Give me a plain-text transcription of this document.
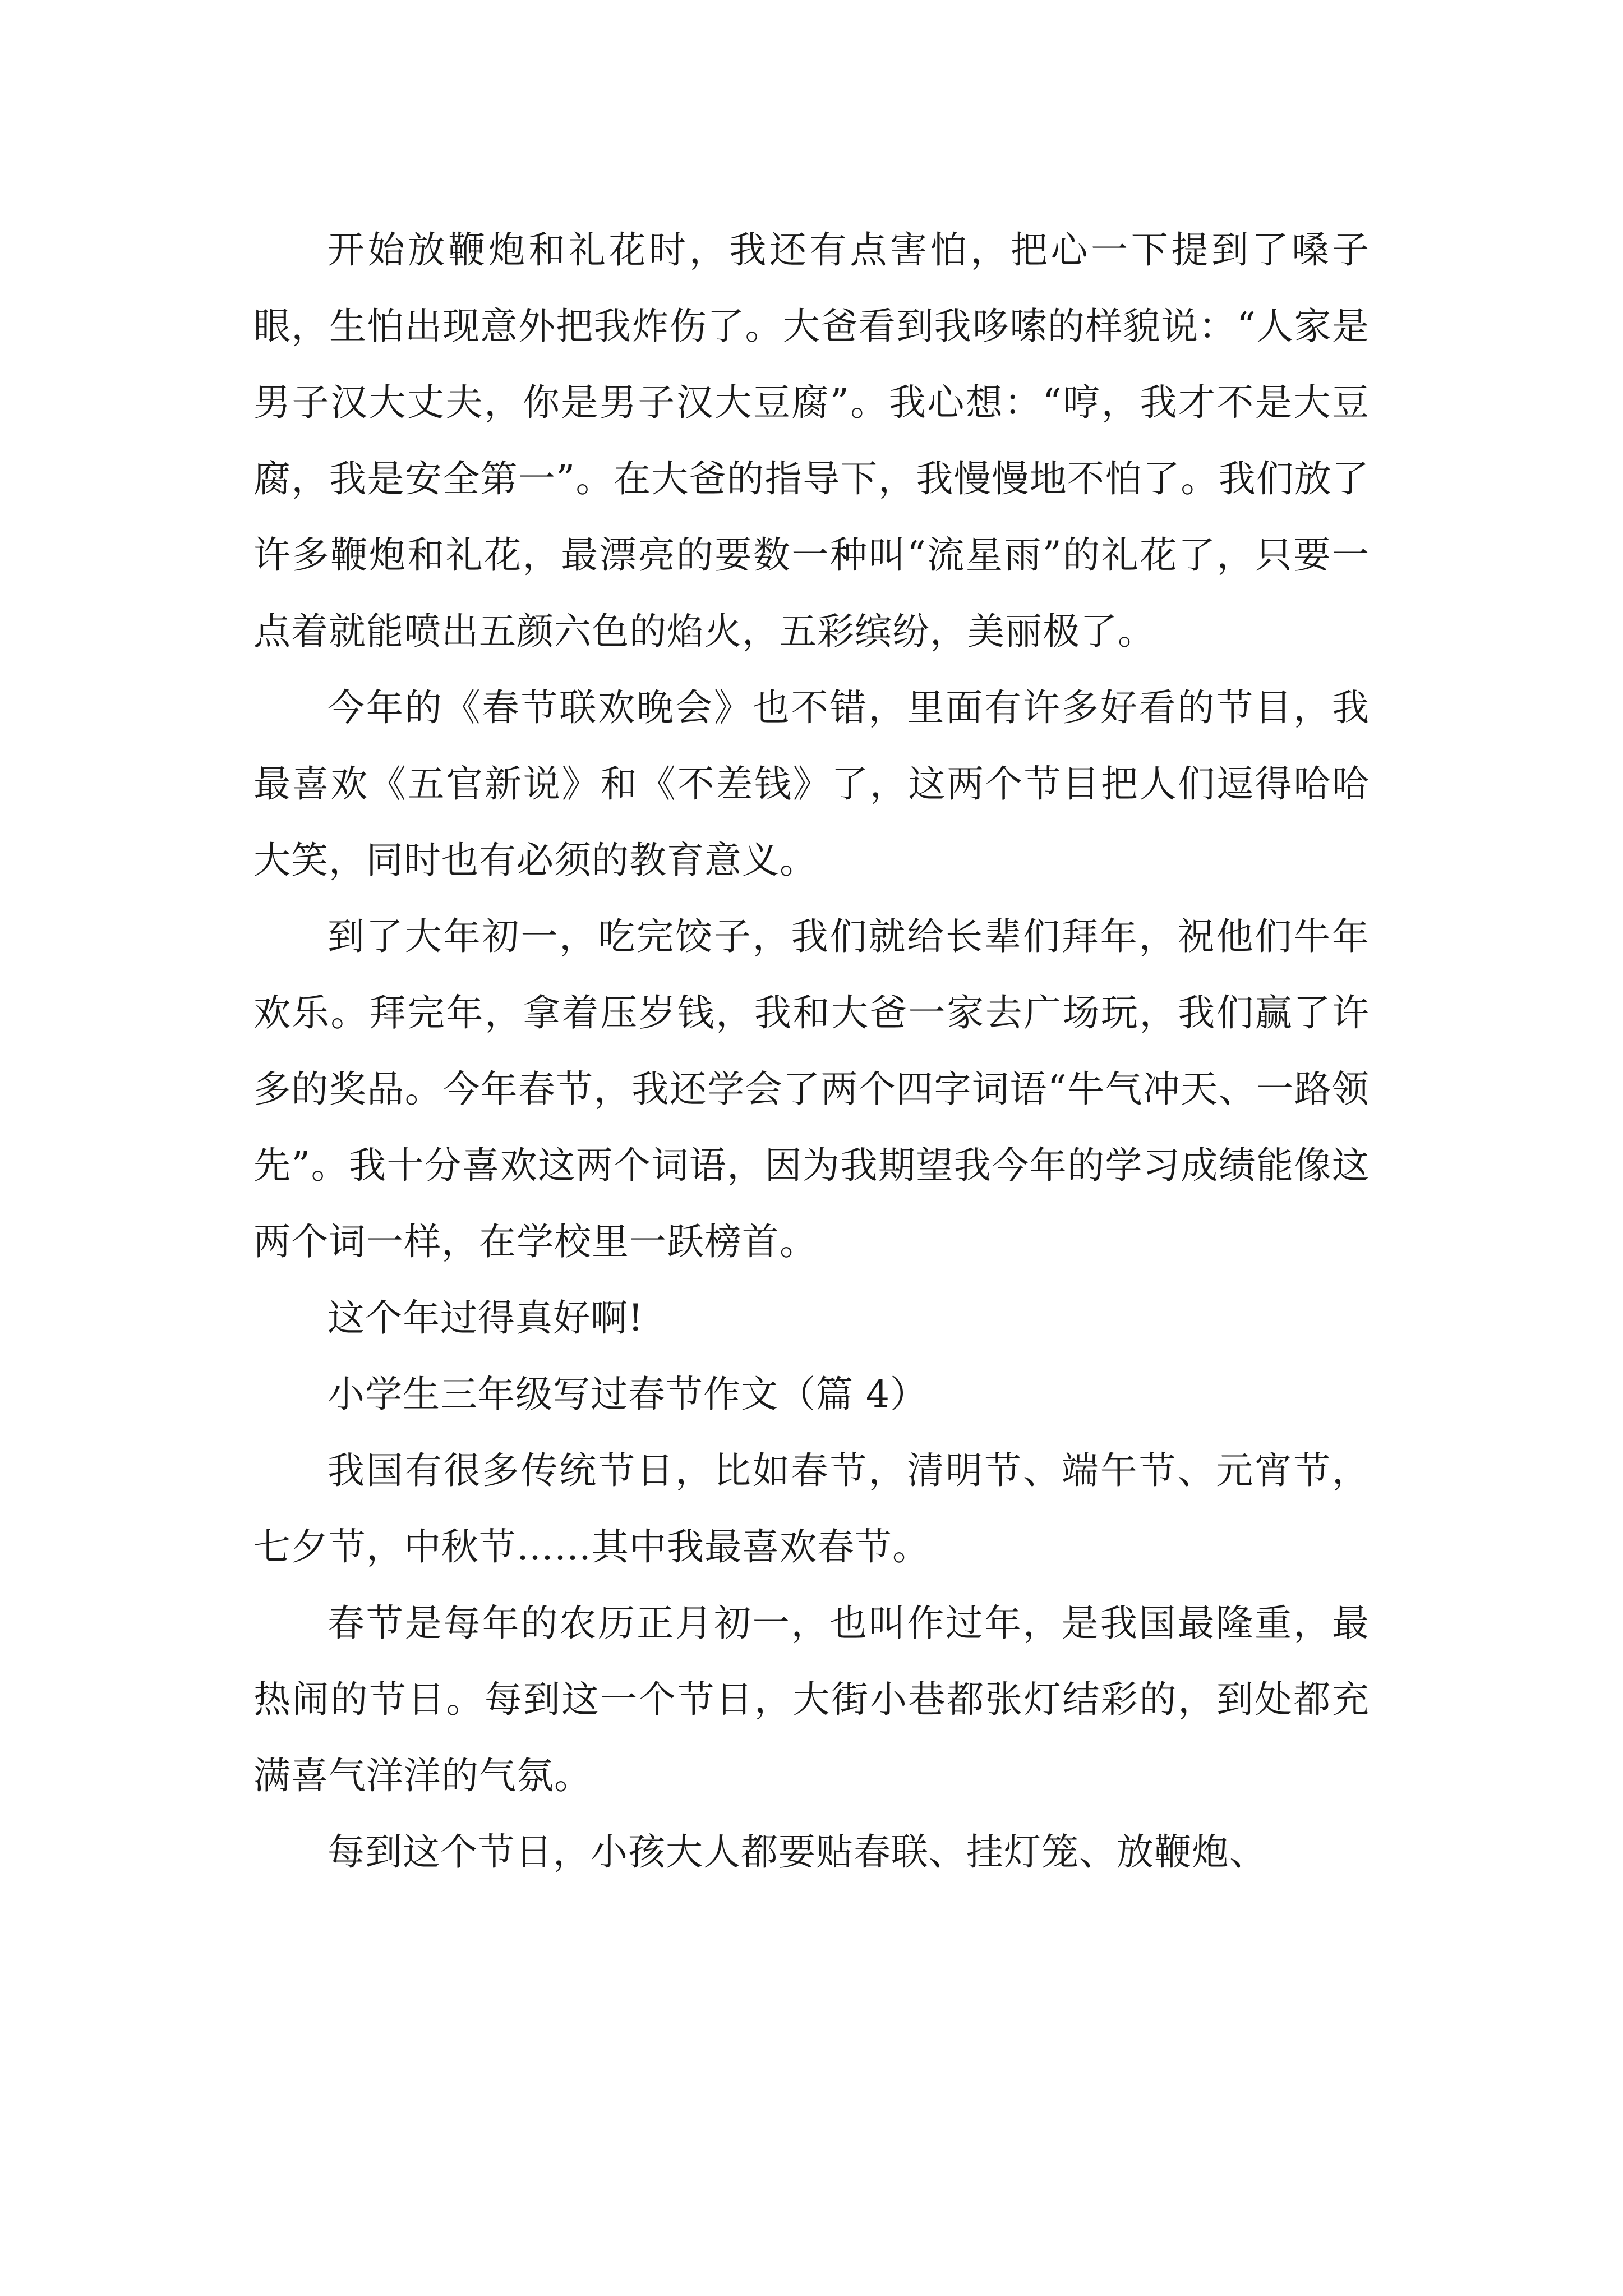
开始放鞭炮和礼花时，我还有点害怕，把心一下提到了嗓子眼，生怕出现意外把我炸伤了。大爸看到我哆嗦的样貌说：“人家是男子汉大丈夫，你是男子汉大豆腐”。我心想：“哼，我才不是大豆腐，我是安全第一”。在大爸的指导下，我慢慢地不怕了。我们放了许多鞭炮和礼花，最漂亮的要数一种叫“流星雨”的礼花了，只要一点着就能喷出五颜六色的焰火，五彩缤纷，美丽极了。

今年的《春节联欢晚会》也不错，里面有许多好看的节目，我最喜欢《五官新说》和《不差钱》了，这两个节目把人们逗得哈哈大笑，同时也有必须的教育意义。

到了大年初一，吃完饺子，我们就给长辈们拜年，祝他们牛年欢乐。拜完年，拿着压岁钱，我和大爸一家去广场玩，我们赢了许多的奖品。今年春节，我还学会了两个四字词语“牛气冲天、一路领先”。我十分喜欢这两个词语，因为我期望我今年的学习成绩能像这两个词一样，在学校里一跃榜首。

这个年过得真好啊!

小学生三年级写过春节作文（篇 4）

我国有很多传统节日，比如春节，清明节、端午节、元宵节，七夕节，中秋节……其中我最喜欢春节。

春节是每年的农历正月初一，也叫作过年，是我国最隆重，最热闹的节日。每到这一个节日，大街小巷都张灯结彩的，到处都充满喜气洋洋的气氛。

每到这个节日，小孩大人都要贴春联、挂灯笼、放鞭炮、
